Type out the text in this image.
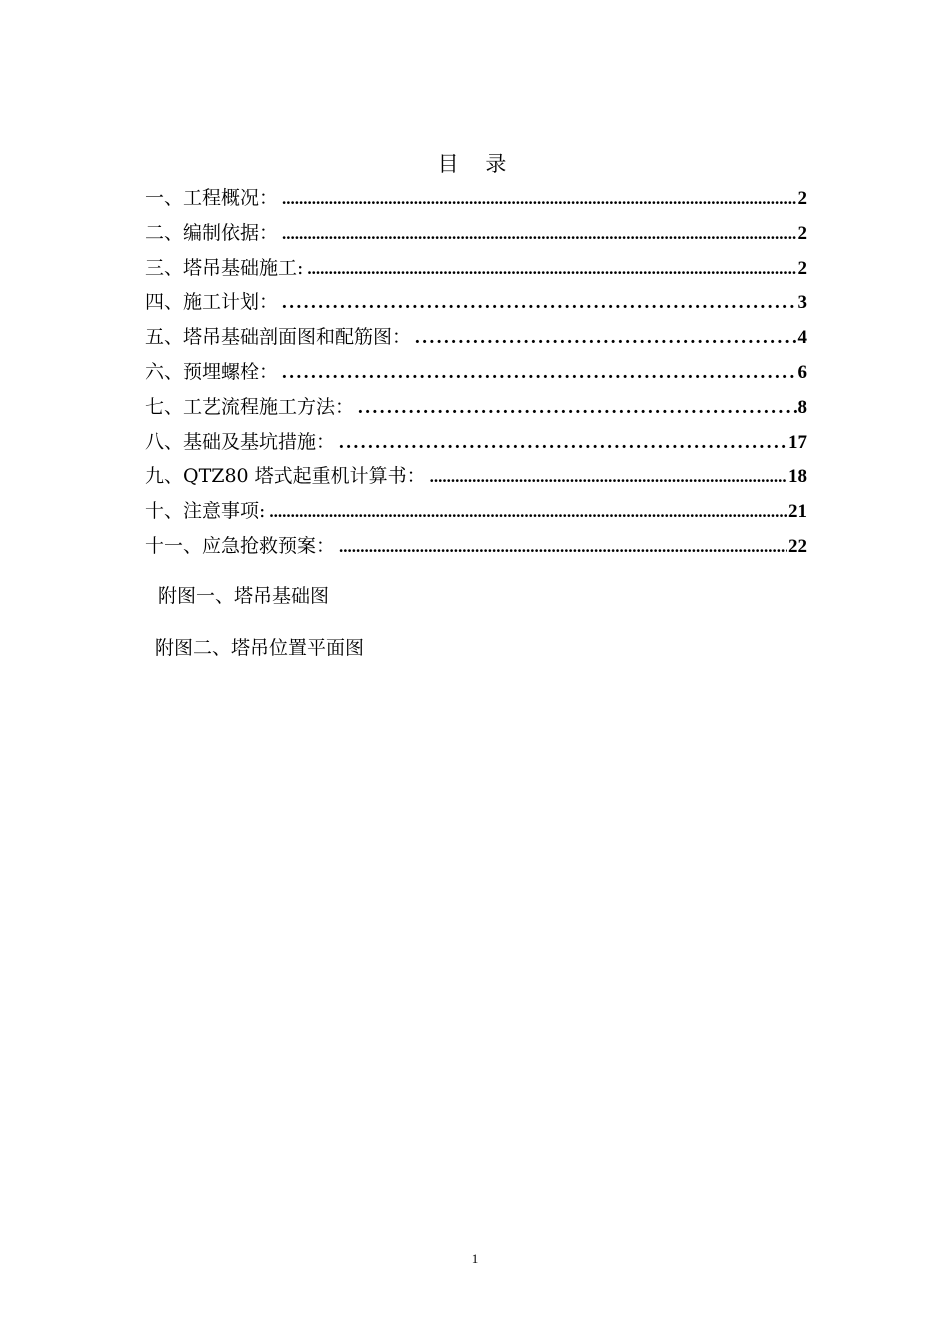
目 录
一、工程概况： .....	2
二、编制依据： .....	2
三、塔吊基础施工: .....	2
四、施工计划： .....	3
五、塔吊基础剖面图和配筋图： .....	4
六、预埋螺栓： .....	6
七、工艺流程施工方法： .....	8
八、基础及基坑措施： .....	17
九、QTZ80 塔式起重机计算书： .....	18
十、注意事项: .....	21
十一、应急抢救预案： .....	22
附图一、塔吊基础图
附图二、塔吊位置平面图
1
